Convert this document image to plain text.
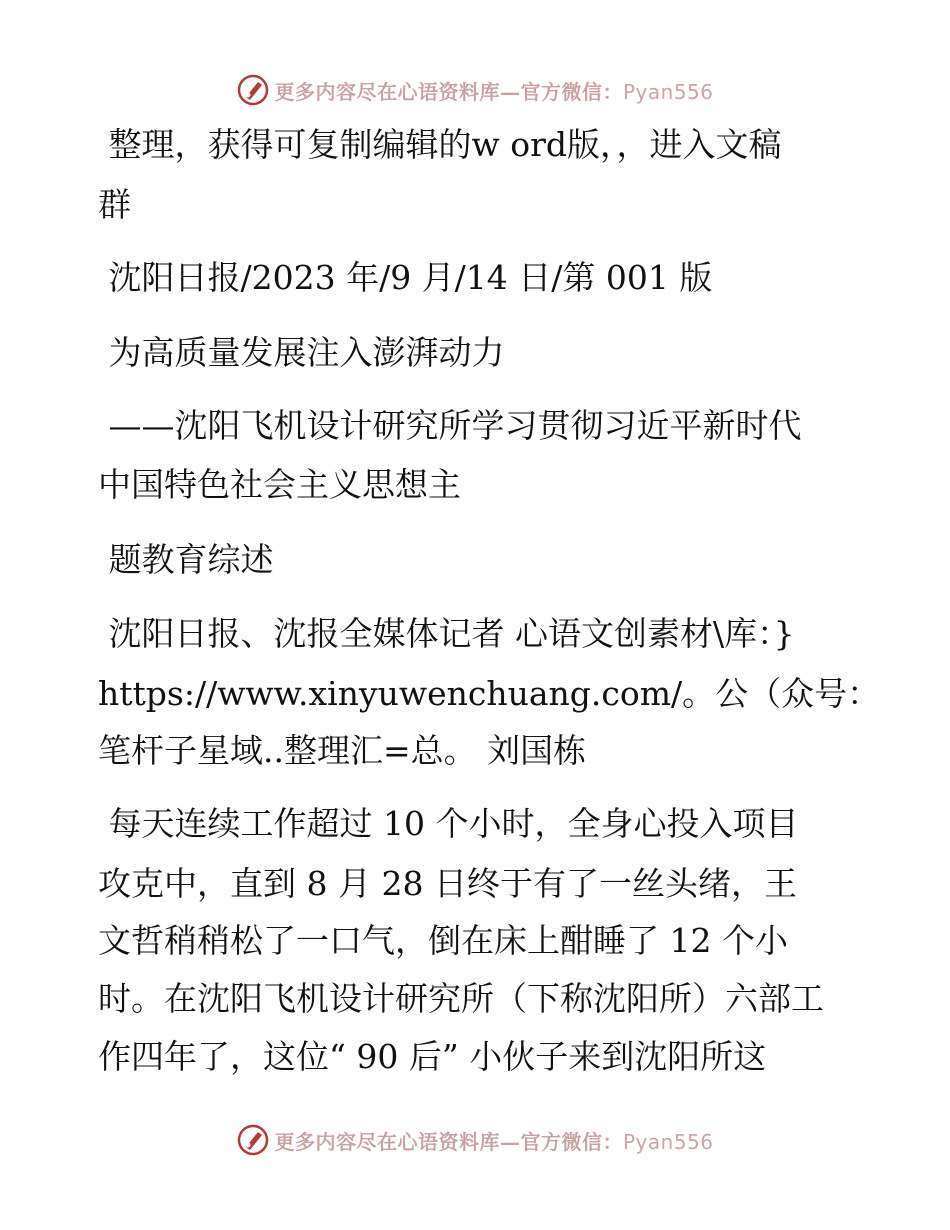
更多内容尽在心语资料库—官方微信：Pyan556
整理，获得可复制编辑的w ord版，，进入文稿
群
沈阳日报/2023 年/9 月/14 日/第 001 版
为高质量发展注入澎湃动力
——沈阳飞机设计研究所学习贯彻习近平新时代
中国特色社会主义思想主
题教育综述
沈阳日报、沈报全媒体记者 心语文创素材\库：}
https://www.xinyuwenchuang.com/。公（众号：
笔杆子星域..整理汇=总。 刘国栋
每天连续工作超过 10 个小时，全身心投入项目
攻克中，直到 8 月 28 日终于有了一丝头绪，王
文哲稍稍松了一口气，倒在床上酣睡了 12 个小
时。在沈阳飞机设计研究所（下称沈阳所）六部工
作四年了，这位“ 90 后” 小伙子来到沈阳所这
更多内容尽在心语资料库—官方微信：Pyan556
